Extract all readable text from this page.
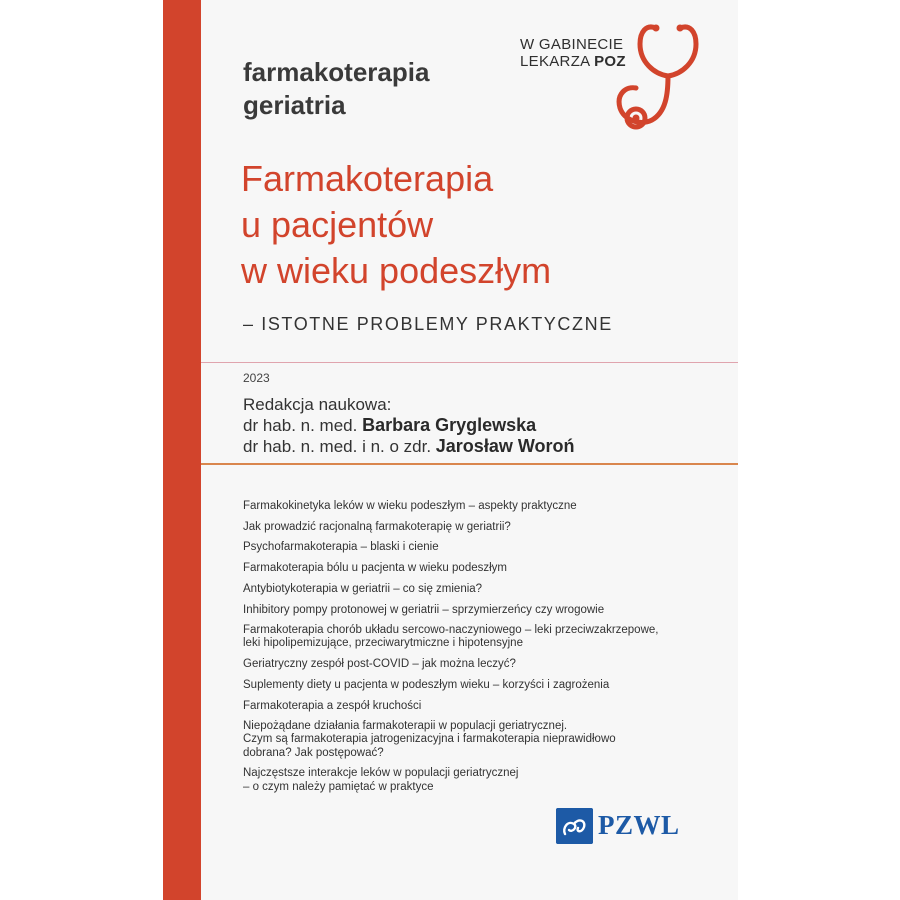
farmakoterapia
geriatria
W GABINECIE
LEKARZA POZ
Farmakoterapia
u pacjentów
w wieku podeszłym
– ISTOTNE PROBLEMY PRAKTYCZNE
2023
Redakcja naukowa:
dr hab. n. med. Barbara Gryglewska
dr hab. n. med. i n. o zdr. Jarosław Woroń
Farmakokinetyka leków w wieku podeszłym – aspekty praktyczne
Jak prowadzić racjonalną farmakoterapię w geriatrii?
Psychofarmakoterapia – blaski i cienie
Farmakoterapia bólu u pacjenta w wieku podeszłym
Antybiotykoterapia w geriatrii – co się zmienia?
Inhibitory pompy protonowej w geriatrii – sprzymierzeńcy czy wrogowie
Farmakoterapia chorób układu sercowo-naczyniowego – leki przeciwzakrzepowe,
leki hipolipemizujące, przeciwarytmiczne i hipotensyjne
Geriatryczny zespół post-COVID – jak można leczyć?
Suplementy diety u pacjenta w podeszłym wieku – korzyści i zagrożenia
Farmakoterapia a zespół kruchości
Niepożądane działania farmakoterapii w populacji geriatrycznej.
Czym są farmakoterapia jatrogenizacyjna i farmakoterapia nieprawidłowo
dobrana? Jak postępować?
Najczęstsze interakcje leków w populacji geriatrycznej
– o czym należy pamiętać w praktyce
PZWL
